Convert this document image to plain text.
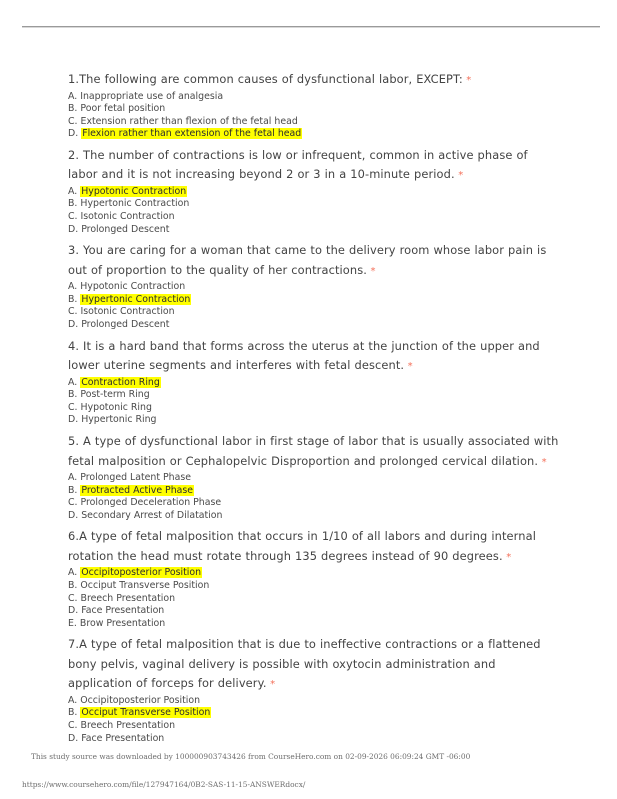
1.The following are common causes of dysfunctional labor, EXCEPT: *

A. Inappropriate use of analgesia
B. Poor fetal position
C. Extension rather than flexion of the fetal head
D. Flexion rather than extension of the fetal head

2. The number of contractions is low or infrequent, common in active phase of labor and it is not increasing beyond 2 or 3 in a 10-minute period. *

A. Hypotonic Contraction
B. Hypertonic Contraction
C. Isotonic Contraction
D. Prolonged Descent

3. You are caring for a woman that came to the delivery room whose labor pain is out of proportion to the quality of her contractions. *

A. Hypotonic Contraction
B. Hypertonic Contraction
C. Isotonic Contraction
D. Prolonged Descent

4. It is a hard band that forms across the uterus at the junction of the upper and lower uterine segments and interferes with fetal descent. *

A. Contraction Ring
B. Post-term Ring
C. Hypotonic Ring
D. Hypertonic Ring

5. A type of dysfunctional labor in first stage of labor that is usually associated with fetal malposition or Cephalopelvic Disproportion and prolonged cervical dilation. *

A. Prolonged Latent Phase
B. Protracted Active Phase
C. Prolonged Deceleration Phase
D. Secondary Arrest of Dilatation

6.A type of fetal malposition that occurs in 1/10 of all labors and during internal rotation the head must rotate through 135 degrees instead of 90 degrees. *

A. Occipitoposterior Position
B. Occiput Transverse Position
C. Breech Presentation
D. Face Presentation
E. Brow Presentation

7.A type of fetal malposition that is due to ineffective contractions or a flattened bony pelvis, vaginal delivery is possible with oxytocin administration and application of forceps for delivery. *

A. Occipitoposterior Position
B. Occiput Transverse Position
C. Breech Presentation
D. Face Presentation
This study source was downloaded by 100000903743426 from CourseHero.com on 02-09-2026 06:09:24 GMT -06:00
https://www.coursehero.com/file/127947164/0B2-SAS-11-15-ANSWERdocx/
